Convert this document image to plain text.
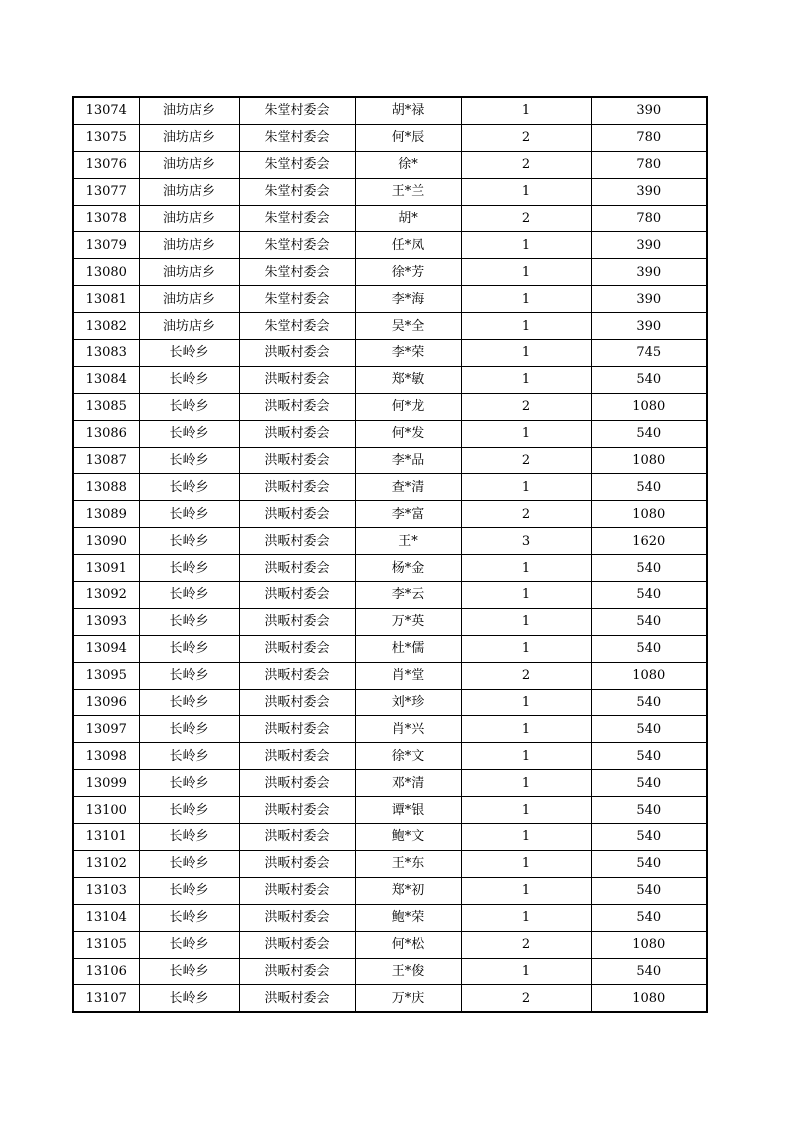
13074	油坊店乡	朱堂村委会	胡*禄	1	390
13075	油坊店乡	朱堂村委会	何*辰	2	780
13076	油坊店乡	朱堂村委会	徐*	2	780
13077	油坊店乡	朱堂村委会	王*兰	1	390
13078	油坊店乡	朱堂村委会	胡*	2	780
13079	油坊店乡	朱堂村委会	任*凤	1	390
13080	油坊店乡	朱堂村委会	徐*芳	1	390
13081	油坊店乡	朱堂村委会	李*海	1	390
13082	油坊店乡	朱堂村委会	吴*全	1	390
13083	长岭乡	洪畈村委会	李*荣	1	745
13084	长岭乡	洪畈村委会	郑*敏	1	540
13085	长岭乡	洪畈村委会	何*龙	2	1080
13086	长岭乡	洪畈村委会	何*发	1	540
13087	长岭乡	洪畈村委会	李*品	2	1080
13088	长岭乡	洪畈村委会	查*清	1	540
13089	长岭乡	洪畈村委会	李*富	2	1080
13090	长岭乡	洪畈村委会	王*	3	1620
13091	长岭乡	洪畈村委会	杨*金	1	540
13092	长岭乡	洪畈村委会	李*云	1	540
13093	长岭乡	洪畈村委会	万*英	1	540
13094	长岭乡	洪畈村委会	杜*儒	1	540
13095	长岭乡	洪畈村委会	肖*堂	2	1080
13096	长岭乡	洪畈村委会	刘*珍	1	540
13097	长岭乡	洪畈村委会	肖*兴	1	540
13098	长岭乡	洪畈村委会	徐*文	1	540
13099	长岭乡	洪畈村委会	邓*清	1	540
13100	长岭乡	洪畈村委会	谭*银	1	540
13101	长岭乡	洪畈村委会	鲍*文	1	540
13102	长岭乡	洪畈村委会	王*东	1	540
13103	长岭乡	洪畈村委会	郑*初	1	540
13104	长岭乡	洪畈村委会	鲍*荣	1	540
13105	长岭乡	洪畈村委会	何*松	2	1080
13106	长岭乡	洪畈村委会	王*俊	1	540
13107	长岭乡	洪畈村委会	万*庆	2	1080
